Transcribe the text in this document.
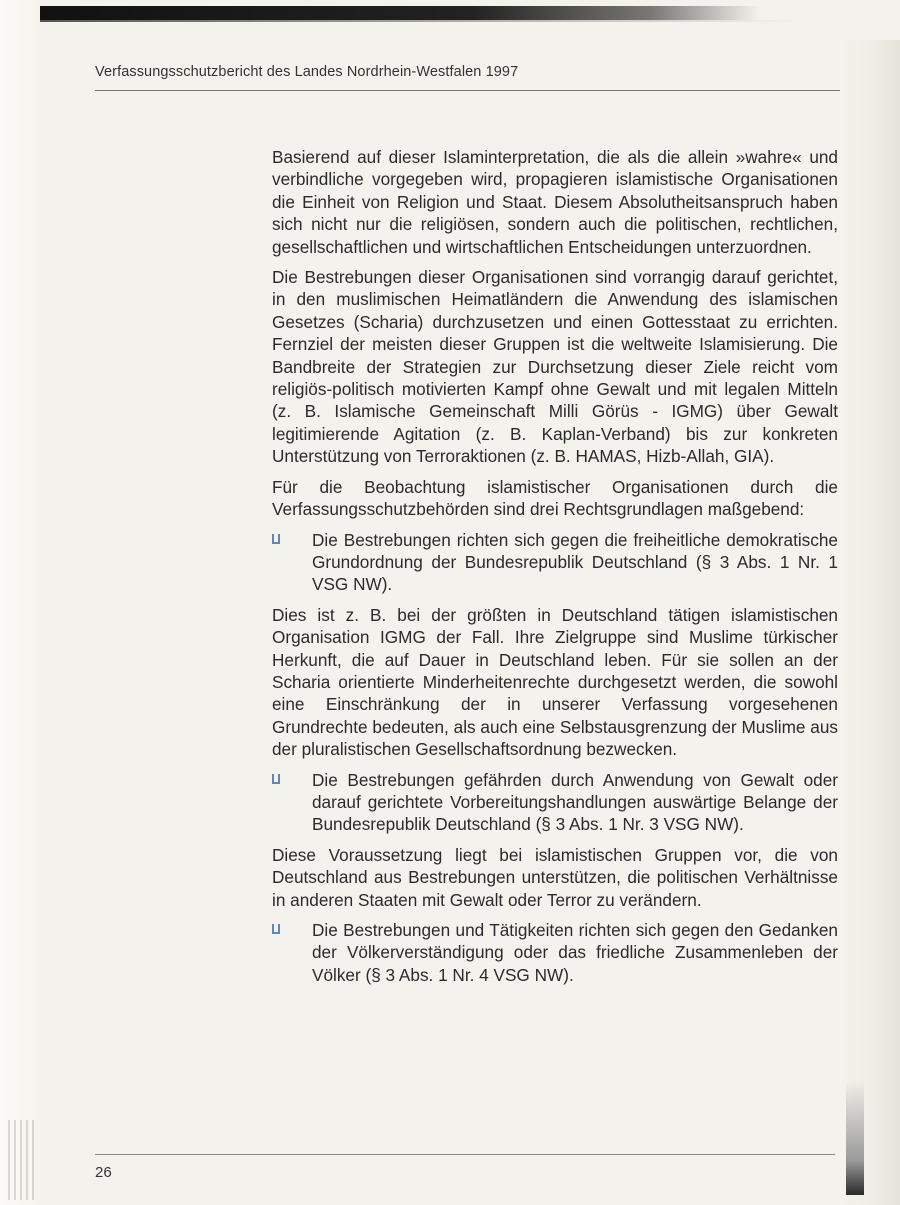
Verfassungsschutzbericht des Landes Nordrhein-Westfalen 1997

Basierend auf dieser Islaminterpretation, die als die allein »wahre« und verbindliche vorgegeben wird, propagieren islamistische Organisationen die Einheit von Religion und Staat. Diesem Absolutheitsanspruch haben sich nicht nur die religiösen, sondern auch die politischen, rechtlichen, gesellschaftlichen und wirtschaftlichen Entscheidungen unterzuordnen.

Die Bestrebungen dieser Organisationen sind vorrangig darauf gerichtet, in den muslimischen Heimatländern die Anwendung des islamischen Gesetzes (Scharia) durchzusetzen und einen Gottesstaat zu errichten. Fernziel der meisten dieser Gruppen ist die weltweite Islamisierung. Die Bandbreite der Strategien zur Durchsetzung dieser Ziele reicht vom religiös-politisch motivierten Kampf ohne Gewalt und mit legalen Mitteln (z. B. Islamische Gemeinschaft Milli Görüs - IGMG) über Gewalt legitimierende Agitation (z. B. Kaplan-Verband) bis zur konkreten Unterstützung von Terroraktionen (z. B. HAMAS, Hizb-Allah, GIA).

Für die Beobachtung islamistischer Organisationen durch die Verfassungsschutzbehörden sind drei Rechtsgrundlagen maßgebend:

Die Bestrebungen richten sich gegen die freiheitliche demokratische Grundordnung der Bundesrepublik Deutschland (§ 3 Abs. 1 Nr. 1 VSG NW).

Dies ist z. B. bei der größten in Deutschland tätigen islamistischen Organisation IGMG der Fall. Ihre Zielgruppe sind Muslime türkischer Herkunft, die auf Dauer in Deutschland leben. Für sie sollen an der Scharia orientierte Minderheitenrechte durchgesetzt werden, die sowohl eine Einschränkung der in unserer Verfassung vorgesehenen Grundrechte bedeuten, als auch eine Selbstausgrenzung der Muslime aus der pluralistischen Gesellschaftsordnung bezwecken.

Die Bestrebungen gefährden durch Anwendung von Gewalt oder darauf gerichtete Vorbereitungshandlungen auswärtige Belange der Bundesrepublik Deutschland (§ 3 Abs. 1 Nr. 3 VSG NW).

Diese Voraussetzung liegt bei islamistischen Gruppen vor, die von Deutschland aus Bestrebungen unterstützen, die politischen Verhältnisse in anderen Staaten mit Gewalt oder Terror zu verändern.

Die Bestrebungen und Tätigkeiten richten sich gegen den Gedanken der Völkerverständigung oder das friedliche Zusammenleben der Völker (§ 3 Abs. 1 Nr. 4 VSG NW).
26
